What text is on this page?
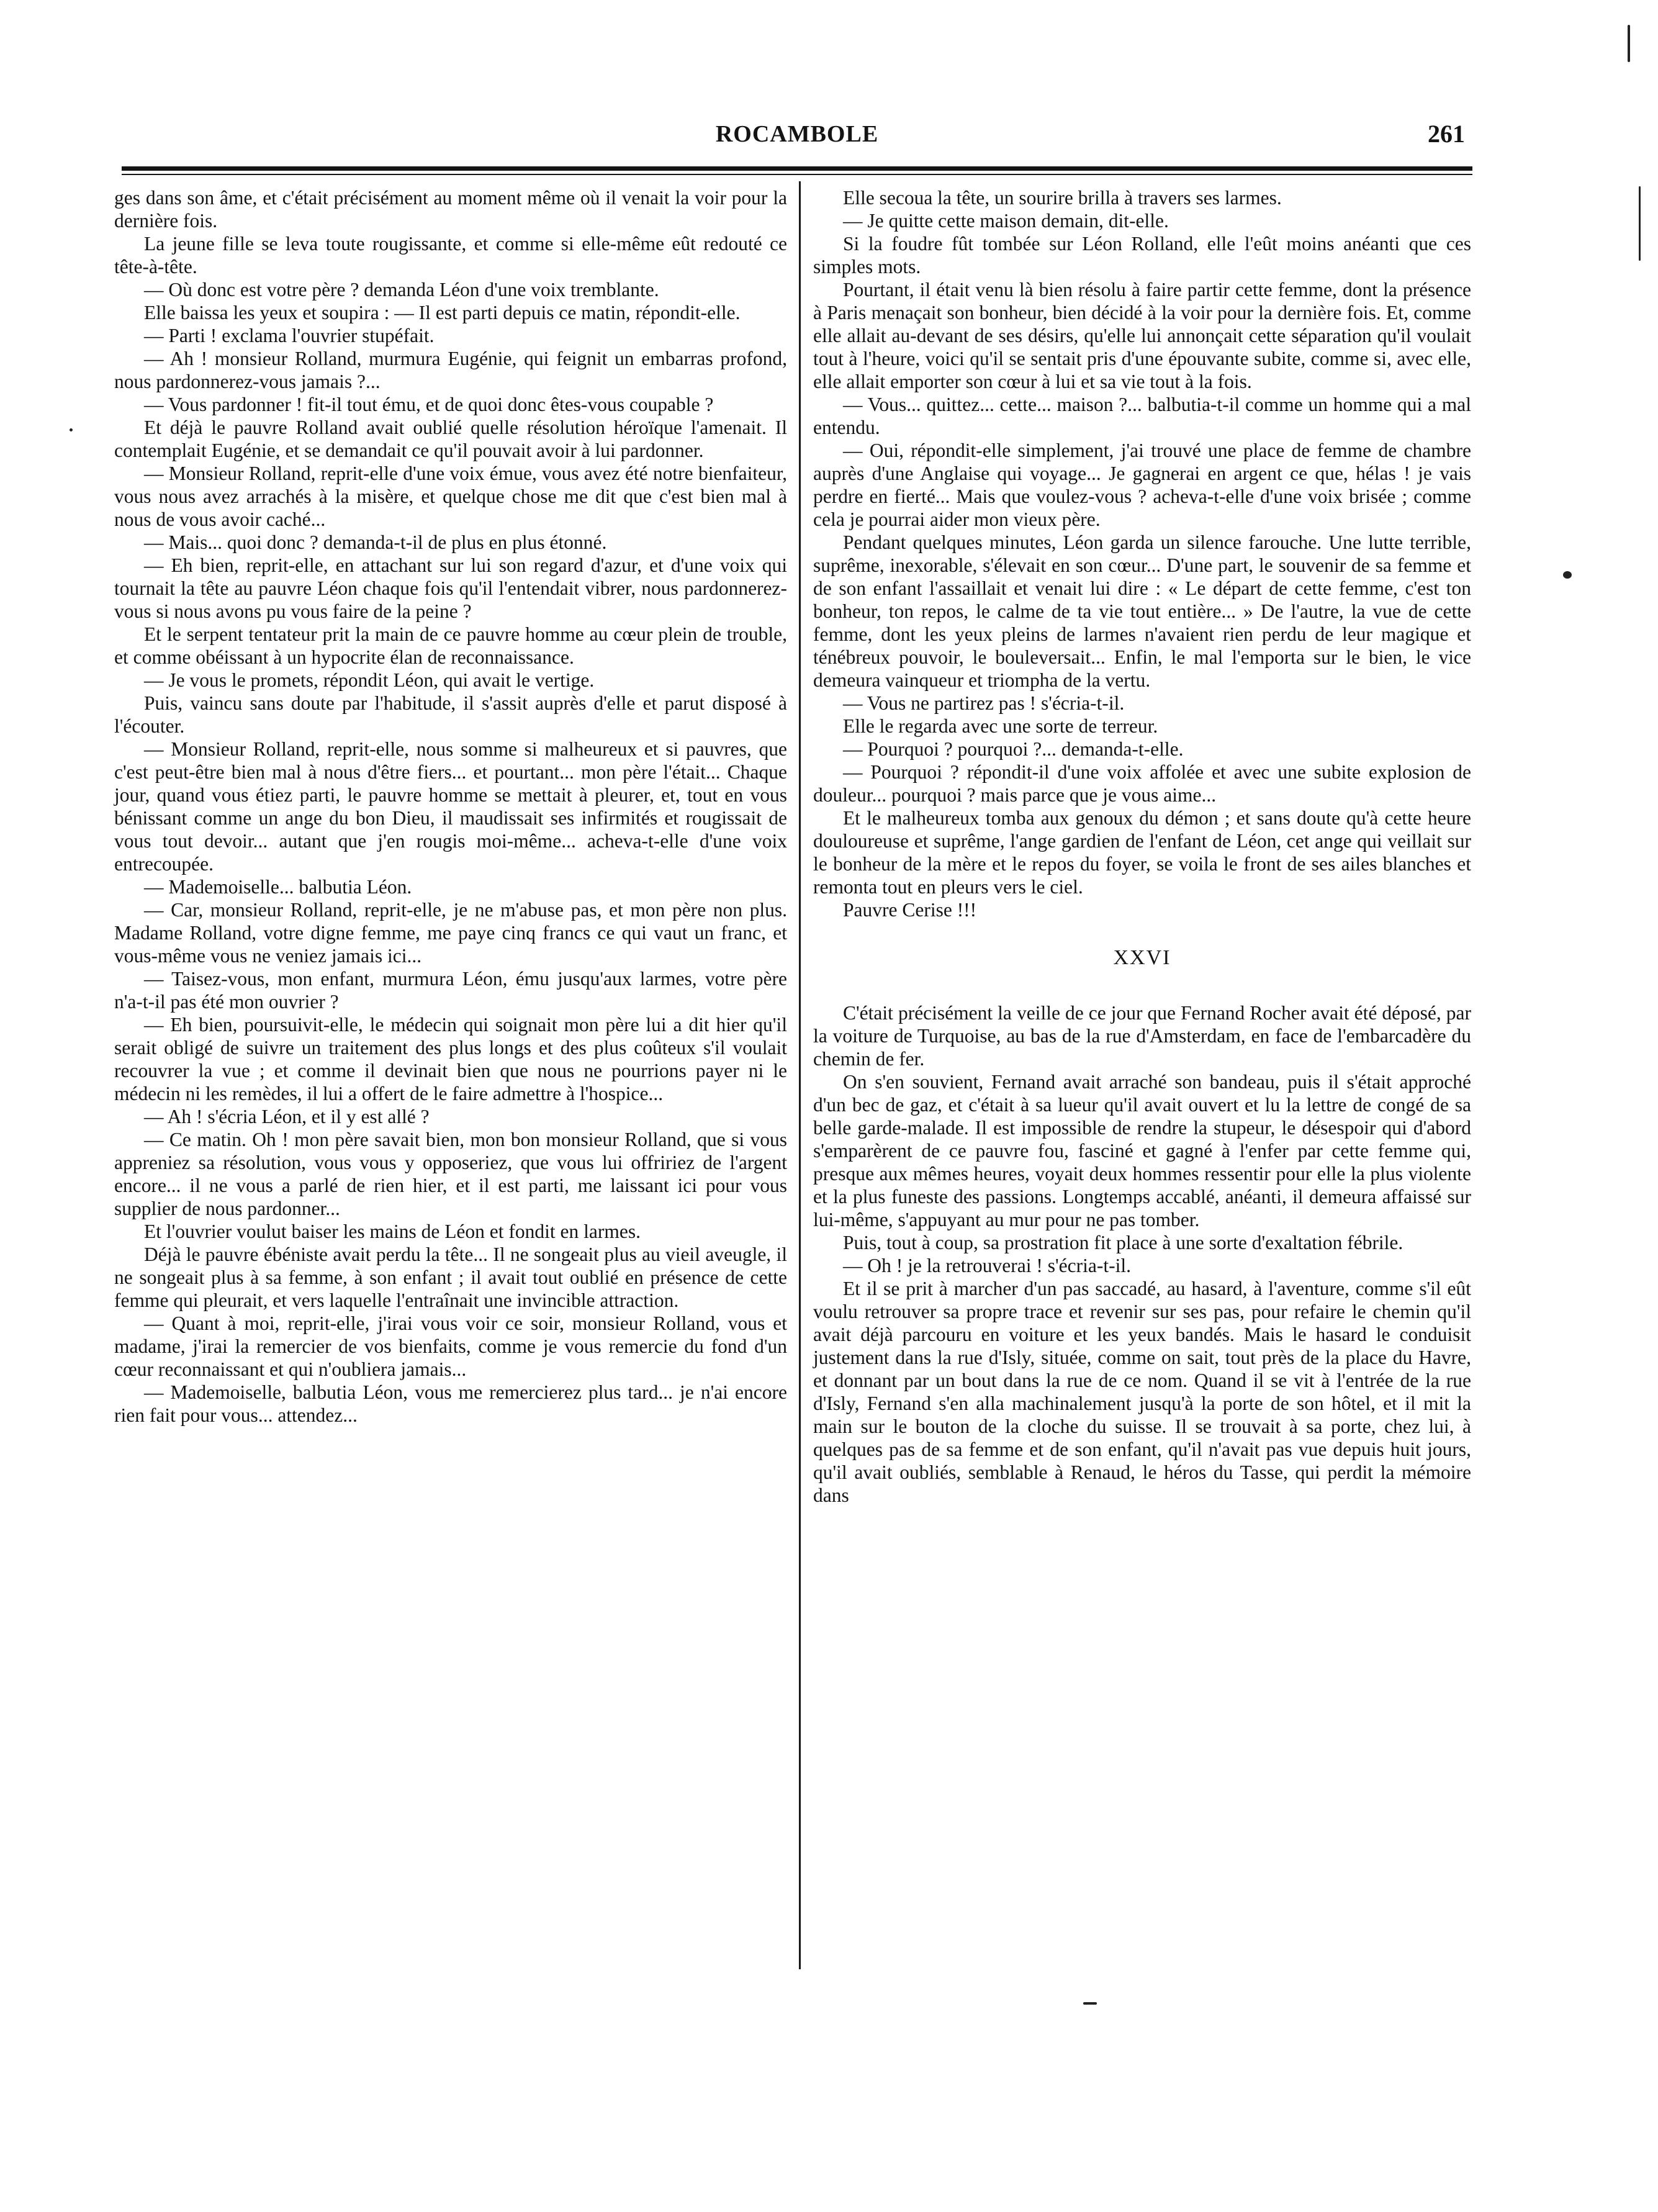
ROCAMBOLE	261

ges dans son âme, et c'était précisément au moment même où il venait la voir pour la dernière fois.

La jeune fille se leva toute rougissante, et comme si elle-même eût redouté ce tête-à-tête.

— Où donc est votre père ? demanda Léon d'une voix tremblante.

Elle baissa les yeux et soupira : — Il est parti depuis ce matin, répondit-elle.

— Parti ! exclama l'ouvrier stupéfait.

— Ah ! monsieur Rolland, murmura Eugénie, qui feignit un embarras profond, nous pardonnerez-vous jamais ?...

— Vous pardonner ! fit-il tout ému, et de quoi donc êtes-vous coupable ?

Et déjà le pauvre Rolland avait oublié quelle résolution héroïque l'amenait. Il contemplait Eugénie, et se demandait ce qu'il pouvait avoir à lui pardonner.

— Monsieur Rolland, reprit-elle d'une voix émue, vous avez été notre bienfaiteur, vous nous avez arrachés à la misère, et quelque chose me dit que c'est bien mal à nous de vous avoir caché...

— Mais... quoi donc ? demanda-t-il de plus en plus étonné.

— Eh bien, reprit-elle, en attachant sur lui son regard d'azur, et d'une voix qui tournait la tête au pauvre Léon chaque fois qu'il l'entendait vibrer, nous pardonnerez-vous si nous avons pu vous faire de la peine ?

Et le serpent tentateur prit la main de ce pauvre homme au cœur plein de trouble, et comme obéissant à un hypocrite élan de reconnaissance.

— Je vous le promets, répondit Léon, qui avait le vertige.

Puis, vaincu sans doute par l'habitude, il s'assit auprès d'elle et parut disposé à l'écouter.

— Monsieur Rolland, reprit-elle, nous somme si malheureux et si pauvres, que c'est peut-être bien mal à nous d'être fiers... et pourtant... mon père l'était... Chaque jour, quand vous étiez parti, le pauvre homme se mettait à pleurer, et, tout en vous bénissant comme un ange du bon Dieu, il maudissait ses infirmités et rougissait de vous tout devoir... autant que j'en rougis moi-même... acheva-t-elle d'une voix entrecoupée.

— Mademoiselle... balbutia Léon.

— Car, monsieur Rolland, reprit-elle, je ne m'abuse pas, et mon père non plus. Madame Rolland, votre digne femme, me paye cinq francs ce qui vaut un franc, et vous-même vous ne veniez jamais ici...

— Taisez-vous, mon enfant, murmura Léon, ému jusqu'aux larmes, votre père n'a-t-il pas été mon ouvrier ?

— Eh bien, poursuivit-elle, le médecin qui soignait mon père lui a dit hier qu'il serait obligé de suivre un traitement des plus longs et des plus coûteux s'il voulait recouvrer la vue ; et comme il devinait bien que nous ne pourrions payer ni le médecin ni les remèdes, il lui a offert de le faire admettre à l'hospice...

— Ah ! s'écria Léon, et il y est allé ?

— Ce matin. Oh ! mon père savait bien, mon bon monsieur Rolland, que si vous appreniez sa résolution, vous vous y opposeriez, que vous lui offririez de l'argent encore... il ne vous a parlé de rien hier, et il est parti, me laissant ici pour vous supplier de nous pardonner...

Et l'ouvrier voulut baiser les mains de Léon et fondit en larmes.

Déjà le pauvre ébéniste avait perdu la tête... Il ne songeait plus au vieil aveugle, il ne songeait plus à sa femme, à son enfant ; il avait tout oublié en présence de cette femme qui pleurait, et vers laquelle l'entraînait une invincible attraction.

— Quant à moi, reprit-elle, j'irai vous voir ce soir, monsieur Rolland, vous et madame, j'irai la remercier de vos bienfaits, comme je vous remercie du fond d'un cœur reconnaissant et qui n'oubliera jamais...

— Mademoiselle, balbutia Léon, vous me remercierez plus tard... je n'ai encore rien fait pour vous... attendez...

Elle secoua la tête, un sourire brilla à travers ses larmes.

— Je quitte cette maison demain, dit-elle.

Si la foudre fût tombée sur Léon Rolland, elle l'eût moins anéanti que ces simples mots.

Pourtant, il était venu là bien résolu à faire partir cette femme, dont la présence à Paris menaçait son bonheur, bien décidé à la voir pour la dernière fois. Et, comme elle allait au-devant de ses désirs, qu'elle lui annonçait cette séparation qu'il voulait tout à l'heure, voici qu'il se sentait pris d'une épouvante subite, comme si, avec elle, elle allait emporter son cœur à lui et sa vie tout à la fois.

— Vous... quittez... cette... maison ?... balbutia-t-il comme un homme qui a mal entendu.

— Oui, répondit-elle simplement, j'ai trouvé une place de femme de chambre auprès d'une Anglaise qui voyage... Je gagnerai en argent ce que, hélas ! je vais perdre en fierté... Mais que voulez-vous ? acheva-t-elle d'une voix brisée ; comme cela je pourrai aider mon vieux père.

Pendant quelques minutes, Léon garda un silence farouche. Une lutte terrible, suprême, inexorable, s'élevait en son cœur... D'une part, le souvenir de sa femme et de son enfant l'assaillait et venait lui dire : « Le départ de cette femme, c'est ton bonheur, ton repos, le calme de ta vie tout entière... » De l'autre, la vue de cette femme, dont les yeux pleins de larmes n'avaient rien perdu de leur magique et ténébreux pouvoir, le bouleversait... Enfin, le mal l'emporta sur le bien, le vice demeura vainqueur et triompha de la vertu.

— Vous ne partirez pas ! s'écria-t-il.

Elle le regarda avec une sorte de terreur.

— Pourquoi ? pourquoi ?... demanda-t-elle.

— Pourquoi ? répondit-il d'une voix affolée et avec une subite explosion de douleur... pourquoi ? mais parce que je vous aime...

Et le malheureux tomba aux genoux du démon ; et sans doute qu'à cette heure douloureuse et suprême, l'ange gardien de l'enfant de Léon, cet ange qui veillait sur le bonheur de la mère et le repos du foyer, se voila le front de ses ailes blanches et remonta tout en pleurs vers le ciel.

Pauvre Cerise !!!

XXVI

C'était précisément la veille de ce jour que Fernand Rocher avait été déposé, par la voiture de Turquoise, au bas de la rue d'Amsterdam, en face de l'embarcadère du chemin de fer.

On s'en souvient, Fernand avait arraché son bandeau, puis il s'était approché d'un bec de gaz, et c'était à sa lueur qu'il avait ouvert et lu la lettre de congé de sa belle garde-malade. Il est impossible de rendre la stupeur, le désespoir qui d'abord s'emparèrent de ce pauvre fou, fasciné et gagné à l'enfer par cette femme qui, presque aux mêmes heures, voyait deux hommes ressentir pour elle la plus violente et la plus funeste des passions. Longtemps accablé, anéanti, il demeura affaissé sur lui-même, s'appuyant au mur pour ne pas tomber.

Puis, tout à coup, sa prostration fit place à une sorte d'exaltation fébrile.

— Oh ! je la retrouverai ! s'écria-t-il.

Et il se prit à marcher d'un pas saccadé, au hasard, à l'aventure, comme s'il eût voulu retrouver sa propre trace et revenir sur ses pas, pour refaire le chemin qu'il avait déjà parcouru en voiture et les yeux bandés. Mais le hasard le conduisit justement dans la rue d'Isly, située, comme on sait, tout près de la place du Havre, et donnant par un bout dans la rue de ce nom. Quand il se vit à l'entrée de la rue d'Isly, Fernand s'en alla machinalement jusqu'à la porte de son hôtel, et il mit la main sur le bouton de la cloche du suisse. Il se trouvait à sa porte, chez lui, à quelques pas de sa femme et de son enfant, qu'il n'avait pas vue depuis huit jours, qu'il avait oubliés, semblable à Renaud, le héros du Tasse, qui perdit la mémoire dans
